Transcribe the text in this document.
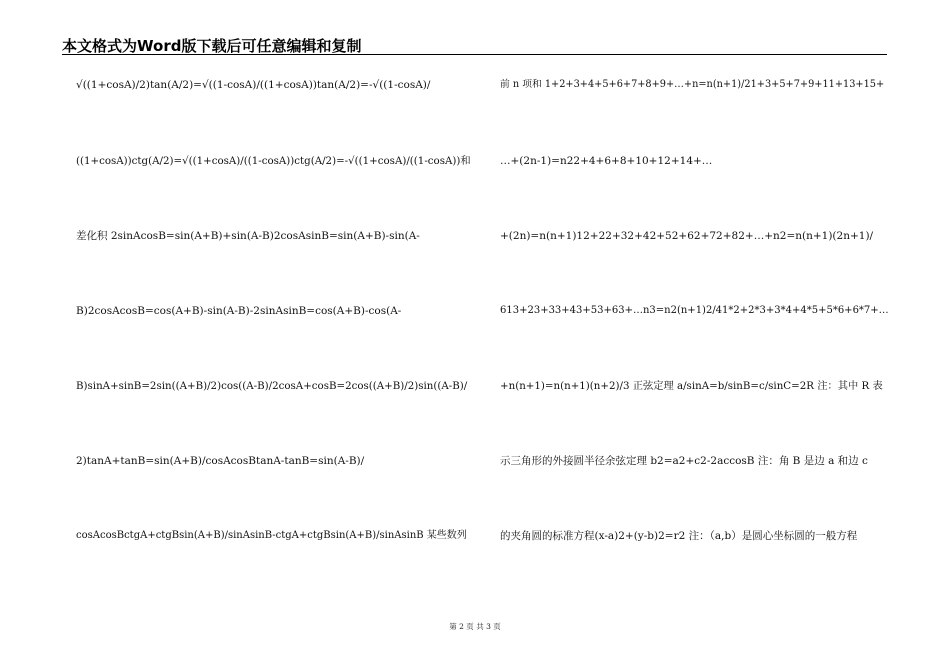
本文格式为Word版下载后可任意编辑和复制
√((1+cosA)/2)tan(A/2)=√((1-cosA)/((1+cosA))tan(A/2)=-√((1-cosA)/
((1+cosA))ctg(A/2)=√((1+cosA)/((1-cosA))ctg(A/2)=-√((1+cosA)/((1-cosA))和
差化积 2sinAcosB=sin(A+B)+sin(A-B)2cosAsinB=sin(A+B)-sin(A-
B)2cosAcosB=cos(A+B)-sin(A-B)-2sinAsinB=cos(A+B)-cos(A-
B)sinA+sinB=2sin((A+B)/2)cos((A-B)/2cosA+cosB=2cos((A+B)/2)sin((A-B)/
2)tanA+tanB=sin(A+B)/cosAcosBtanA-tanB=sin(A-B)/
cosAcosBctgA+ctgBsin(A+B)/sinAsinB-ctgA+ctgBsin(A+B)/sinAsinB 某些数列
前 n 项和 1+2+3+4+5+6+7+8+9+…+n=n(n+1)/21+3+5+7+9+11+13+15+
…+(2n-1)=n22+4+6+8+10+12+14+…
+(2n)=n(n+1)12+22+32+42+52+62+72+82+…+n2=n(n+1)(2n+1)/
613+23+33+43+53+63+…n3=n2(n+1)2/41*2+2*3+3*4+4*5+5*6+6*7+…
+n(n+1)=n(n+1)(n+2)/3 正弦定理 a/sinA=b/sinB=c/sinC=2R 注：其中 R 表
示三角形的外接圆半径余弦定理 b2=a2+c2-2accosB 注：角 B 是边 a 和边 c
的夹角圆的标准方程(x-a)2+(y-b)2=r2 注：（a,b）是圆心坐标圆的一般方程
第 2 页 共 3 页
